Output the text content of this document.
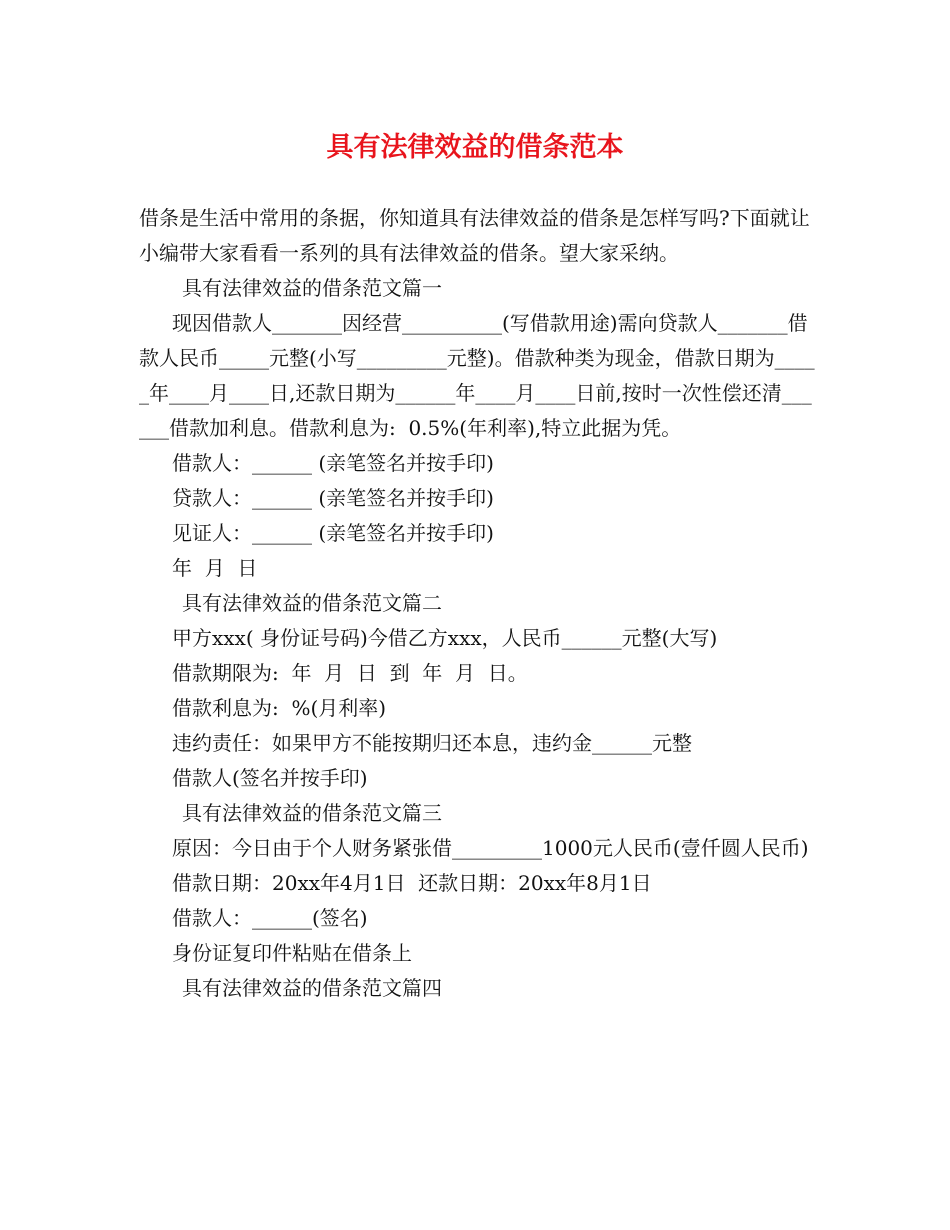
具有法律效益的借条范本

借条是生活中常用的条据，你知道具有法律效益的借条是怎样写吗?下面就让小编带大家看看一系列的具有法律效益的借条。望大家采纳。

具有法律效益的借条范文篇一

现因借款人_______因经营__________(写借款用途)需向贷款人_______借款人民币_____元整(小写_________元整)。借款种类为现金，借款日期为_____年____月____日,还款日期为______年____月____日前,按时一次性偿还清______借款加利息。借款利息为:  0.5%(年利率),特立此据为凭。

借款人：______ (亲笔签名并按手印)

贷款人：______ (亲笔签名并按手印)

见证人：______ (亲笔签名并按手印)

年  月  日

具有法律效益的借条范文篇二

甲方xxx( 身份证号码)今借乙方xxx，人民币______元整(大写)

借款期限为:  年  月  日  到  年  月  日。

借款利息为:  %(月利率)

违约责任：如果甲方不能按期归还本息，违约金______元整

借款人(签名并按手印)

具有法律效益的借条范文篇三

原因：今日由于个人财务紧张借_________1000元人民币(壹仟圆人民币)

借款日期：20xx年4月1日  还款日期：20xx年8月1日

借款人：______(签名)

身份证复印件粘贴在借条上

具有法律效益的借条范文篇四
